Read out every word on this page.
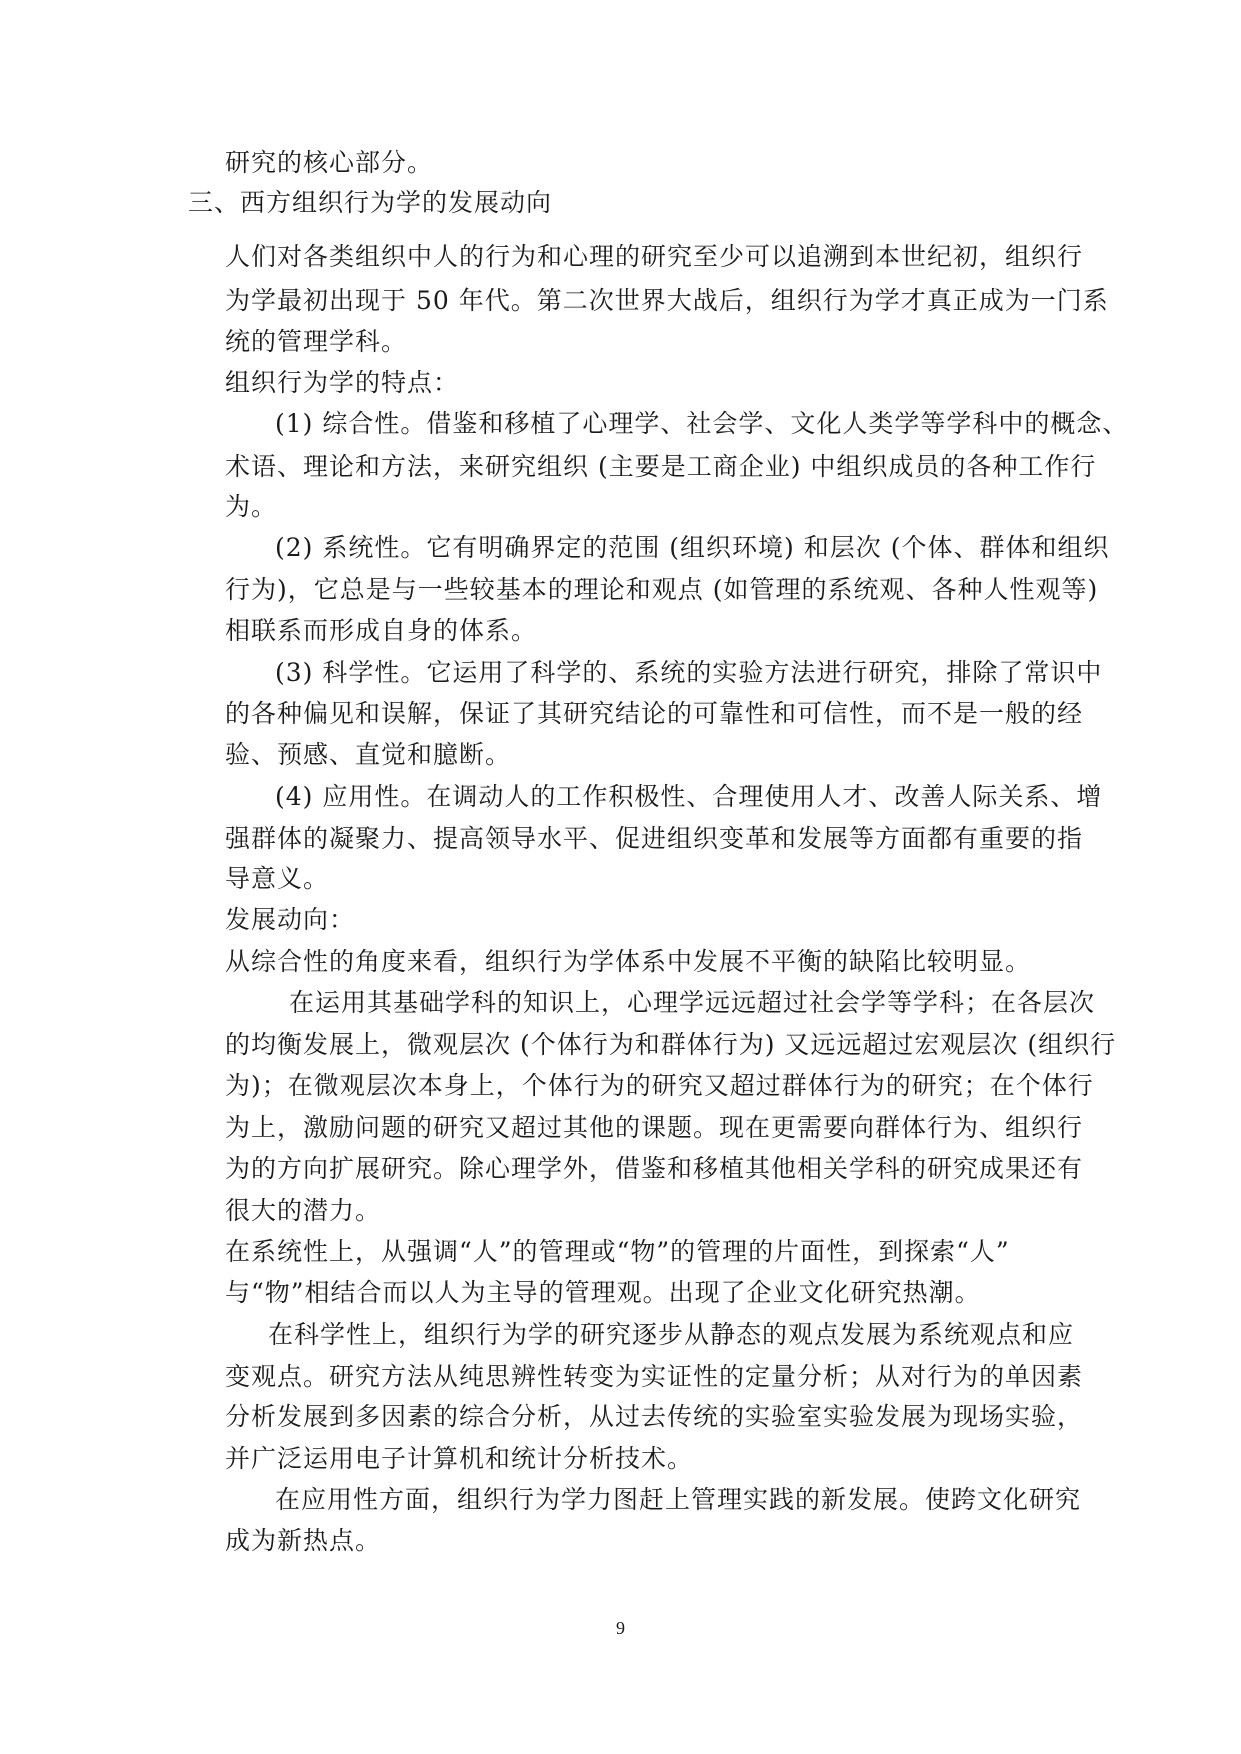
研究的核心部分。
三、西方组织行为学的发展动向
人们对各类组织中人的行为和心理的研究至少可以追溯到本世纪初，组织行
为学最初出现于 50 年代。第二次世界大战后，组织行为学才真正成为一门系
统的管理学科。
组织行为学的特点：
(1) 综合性。借鉴和移植了心理学、社会学、文化人类学等学科中的概念、
术语、理论和方法，来研究组织 (主要是工商企业) 中组织成员的各种工作行
为。
(2) 系统性。它有明确界定的范围 (组织环境) 和层次 (个体、群体和组织
行为)，它总是与一些较基本的理论和观点 (如管理的系统观、各种人性观等)
相联系而形成自身的体系。
(3) 科学性。它运用了科学的、系统的实验方法进行研究，排除了常识中
的各种偏见和误解，保证了其研究结论的可靠性和可信性，而不是一般的经
验、预感、直觉和臆断。
(4) 应用性。在调动人的工作积极性、合理使用人才、改善人际关系、增
强群体的凝聚力、提高领导水平、促进组织变革和发展等方面都有重要的指
导意义。
发展动向：
从综合性的角度来看，组织行为学体系中发展不平衡的缺陷比较明显。
在运用其基础学科的知识上，心理学远远超过社会学等学科；在各层次
的均衡发展上，微观层次 (个体行为和群体行为) 又远远超过宏观层次 (组织行
为)；在微观层次本身上，个体行为的研究又超过群体行为的研究；在个体行
为上，激励问题的研究又超过其他的课题。现在更需要向群体行为、组织行
为的方向扩展研究。除心理学外，借鉴和移植其他相关学科的研究成果还有
很大的潜力。
在系统性上，从强调“人”的管理或“物”的管理的片面性，到探索“人”
与“物”相结合而以人为主导的管理观。出现了企业文化研究热潮。
在科学性上，组织行为学的研究逐步从静态的观点发展为系统观点和应
变观点。研究方法从纯思辨性转变为实证性的定量分析；从对行为的单因素
分析发展到多因素的综合分析，从过去传统的实验室实验发展为现场实验，
并广泛运用电子计算机和统计分析技术。
在应用性方面，组织行为学力图赶上管理实践的新发展。使跨文化研究
成为新热点。
9
